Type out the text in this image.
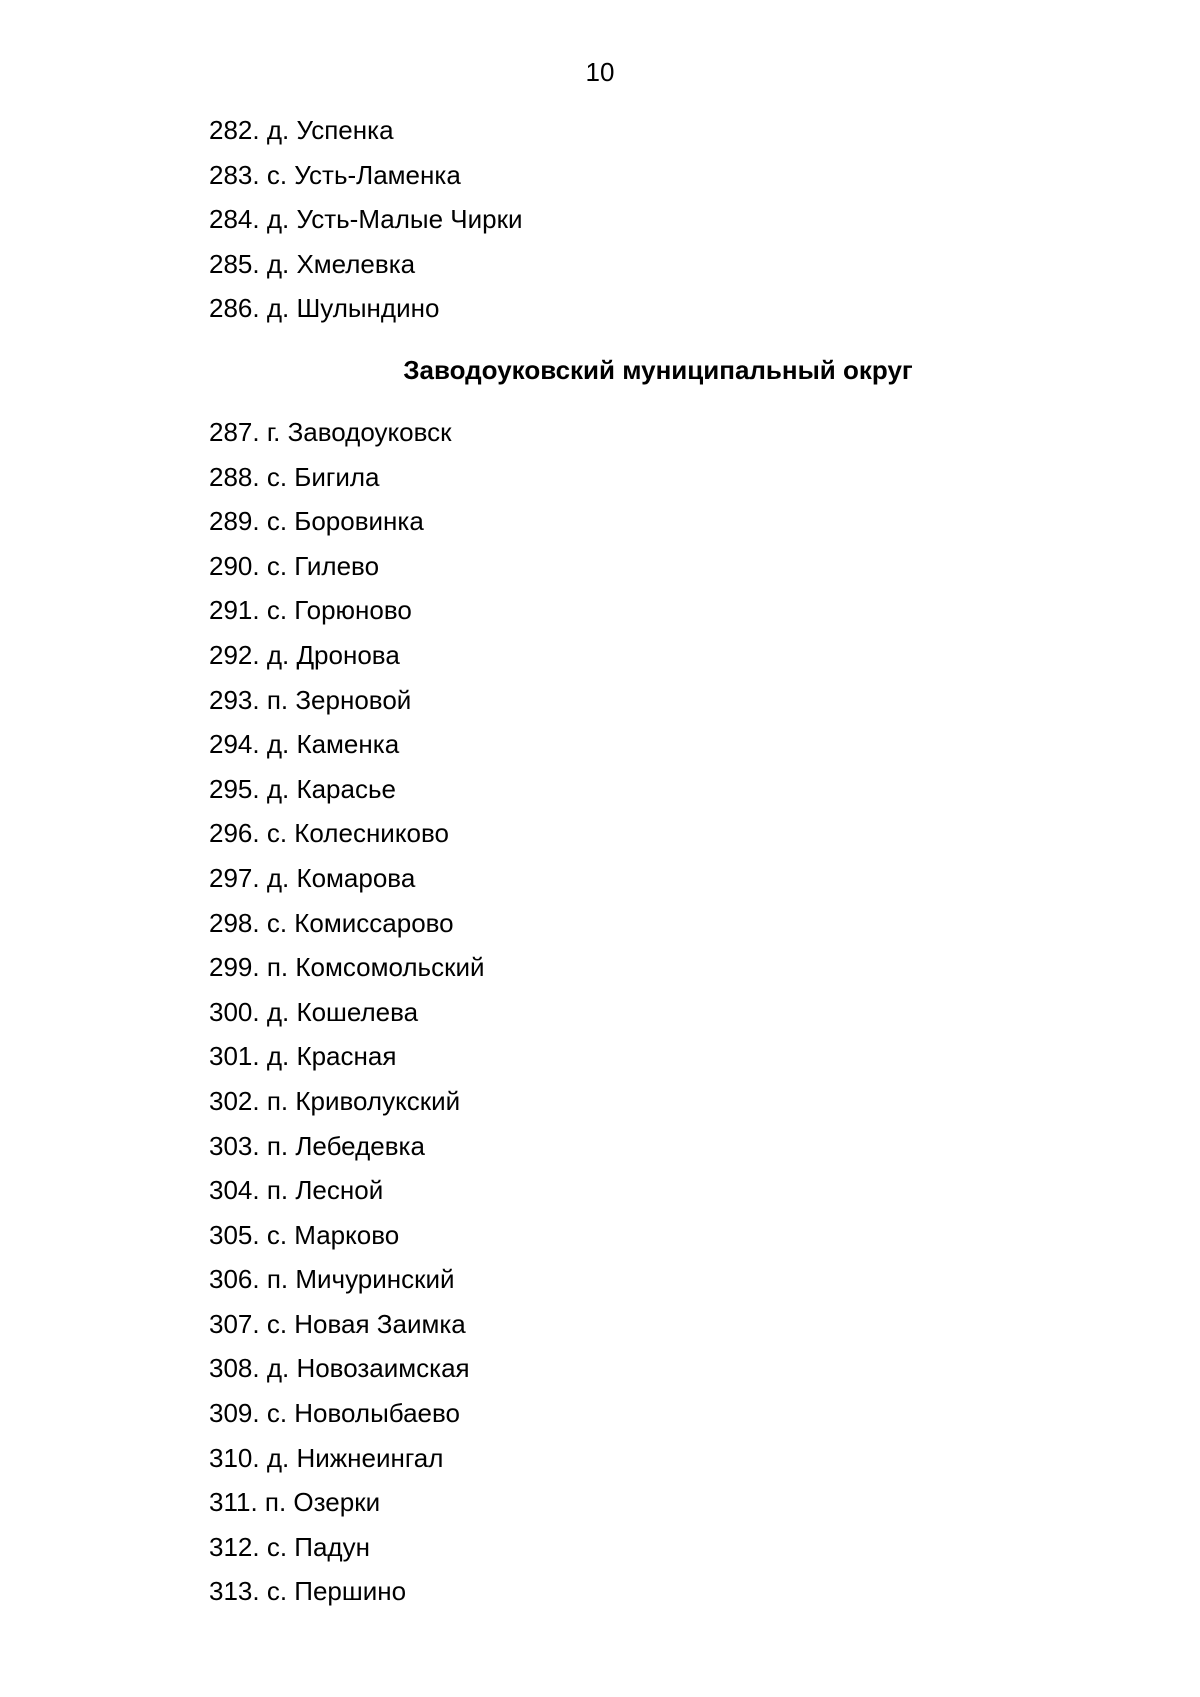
10
282. д. Успенка
283. с. Усть-Ламенка
284. д. Усть-Малые Чирки
285. д. Хмелевка
286. д. Шулындино
Заводоуковский муниципальный округ
287. г. Заводоуковск
288. с. Бигила
289. с. Боровинка
290. с. Гилево
291. с. Горюново
292. д. Дронова
293. п. Зерновой
294. д. Каменка
295. д. Карасье
296. с. Колесниково
297. д. Комарова
298. с. Комиссарово
299. п. Комсомольский
300. д. Кошелева
301. д. Красная
302. п. Криволукский
303. п. Лебедевка
304. п. Лесной
305. с. Марково
306. п. Мичуринский
307. с. Новая Заимка
308. д. Новозаимская
309. с. Новолыбаево
310. д. Нижнеингал
311. п. Озерки
312. с. Падун
313. с. Першино
